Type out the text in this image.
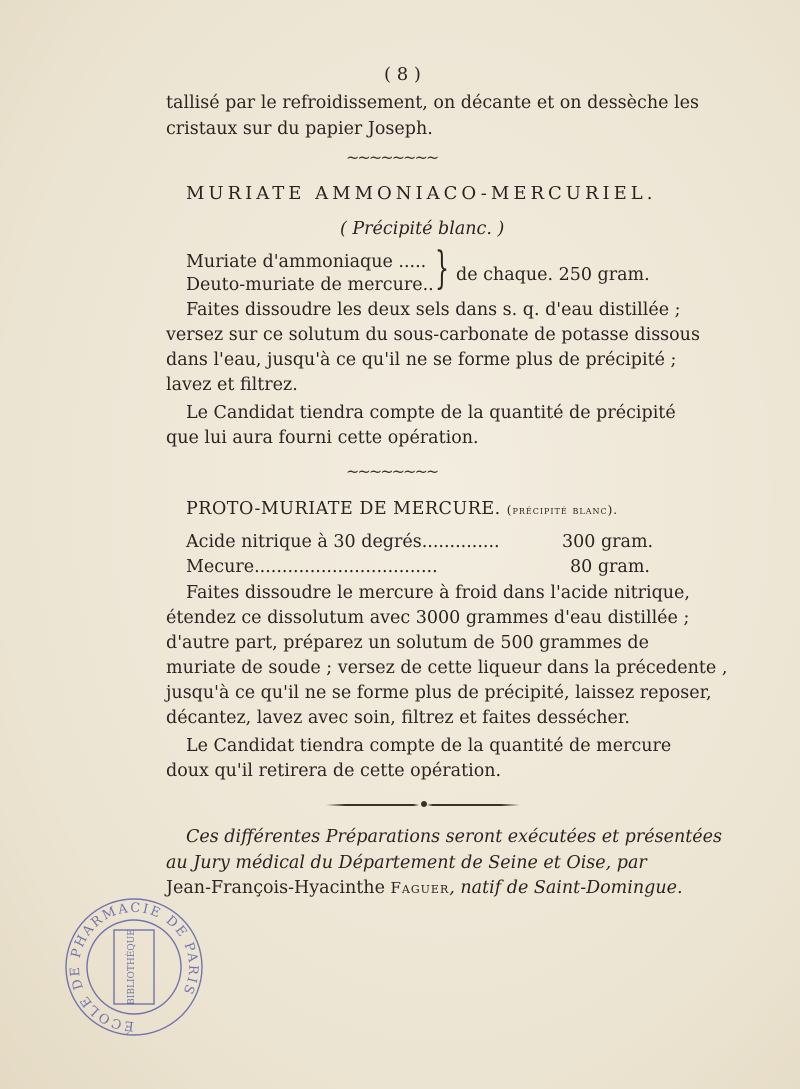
( 8 )
tallisé par le refroidissement, on décante et on dessèche les
cristaux sur du papier Joseph.
~~~~~~~~
MURIATE AMMONIACO-MERCURIEL.
( Précipité blanc. )
Muriate d'ammoniaque .....
Deuto-muriate de mercure.. } de chaque. 250 gram.
Faites dissoudre les deux sels dans s. q. d'eau distillée ;
versez sur ce solutum du sous-carbonate de potasse dissous
dans l'eau, jusqu'à ce qu'il ne se forme plus de précipité ;
lavez et filtrez.
Le Candidat tiendra compte de la quantité de précipité
que lui aura fourni cette opération.
~~~~~~~~
PROTO-MURIATE DE MERCURE. (précipité blanc).
Acide nitrique à 30 degrés..............	300 gram.
Mecure.................................	80 gram.
Faites dissoudre le mercure à froid dans l'acide nitrique,
étendez ce dissolutum avec 3000 grammes d'eau distillée ;
d'autre part, préparez un solutum de 500 grammes de
muriate de soude ; versez de cette liqueur dans la précedente ,
jusqu'à ce qu'il ne se forme plus de précipité, laissez reposer,
décantez, lavez avec soin, filtrez et faites dessécher.
Le Candidat tiendra compte de la quantité de mercure
doux qu'il retirera de cette opération.
Ces différentes Préparations seront exécutées et présentées
au Jury médical du Département de Seine et Oise, par
Jean-François-Hyacinthe Faguer, natif de Saint-Domingue.
ÉCOLE DE PHARMACIE DE PARIS
BIBLIOTHÈQUE
